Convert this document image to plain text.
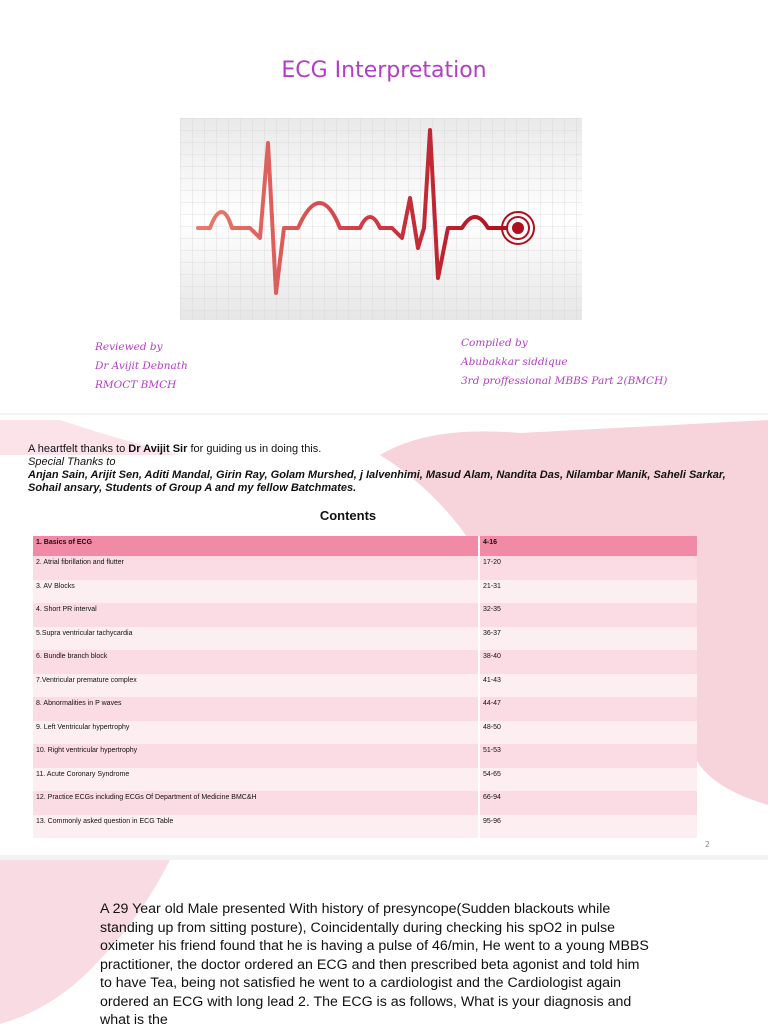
ECG Interpretation
Reviewed by
Dr Avijit Debnath
RMOCT BMCH
Compiled by
Abubakkar siddique
3rd proffessional MBBS Part 2(BMCH)
A heartfelt thanks to Dr Avijit Sir for guiding us in doing this.
Special Thanks to
Anjan Sain, Arijit Sen, Aditi Mandal, Girin Ray, Golam Murshed, j Ialvenhimi, Masud Alam, Nandita Das, Nilambar Manik, Saheli Sarkar, Sohail ansary, Students of Group A and my fellow Batchmates.
Contents
1. Basics of ECG	4-16
2. Atrial fibrillation and flutter	17-20
3. AV Blocks	21-31
4. Short PR interval	32-35
5.Supra ventricular tachycardia	36-37
6. Bundle branch block	38-40
7.Ventricular premature complex	41-43
8. Abnormalities in P waves	44-47
9. Left Ventricular hypertrophy	48-50
10. Right ventricular hypertrophy	51-53
11. Acute Coronary Syndrome	54-65
12. Practice ECGs including ECGs Of Department of Medicine BMC&H	66-94
13. Commonly asked question in ECG Table	95-96
2
A 29 Year old Male presented With history of presyncope(Sudden blackouts while standing up from sitting posture), Coincidentally during checking his spO2 in pulse oximeter his friend found that he is having a pulse of 46/min, He went to a young MBBS practitioner, the doctor ordered an ECG and then prescribed beta agonist and told him to have Tea, being not satisfied he went to a cardiologist and the Cardiologist again ordered an ECG with long lead 2. The ECG is as follows, What is your diagnosis and what is the
